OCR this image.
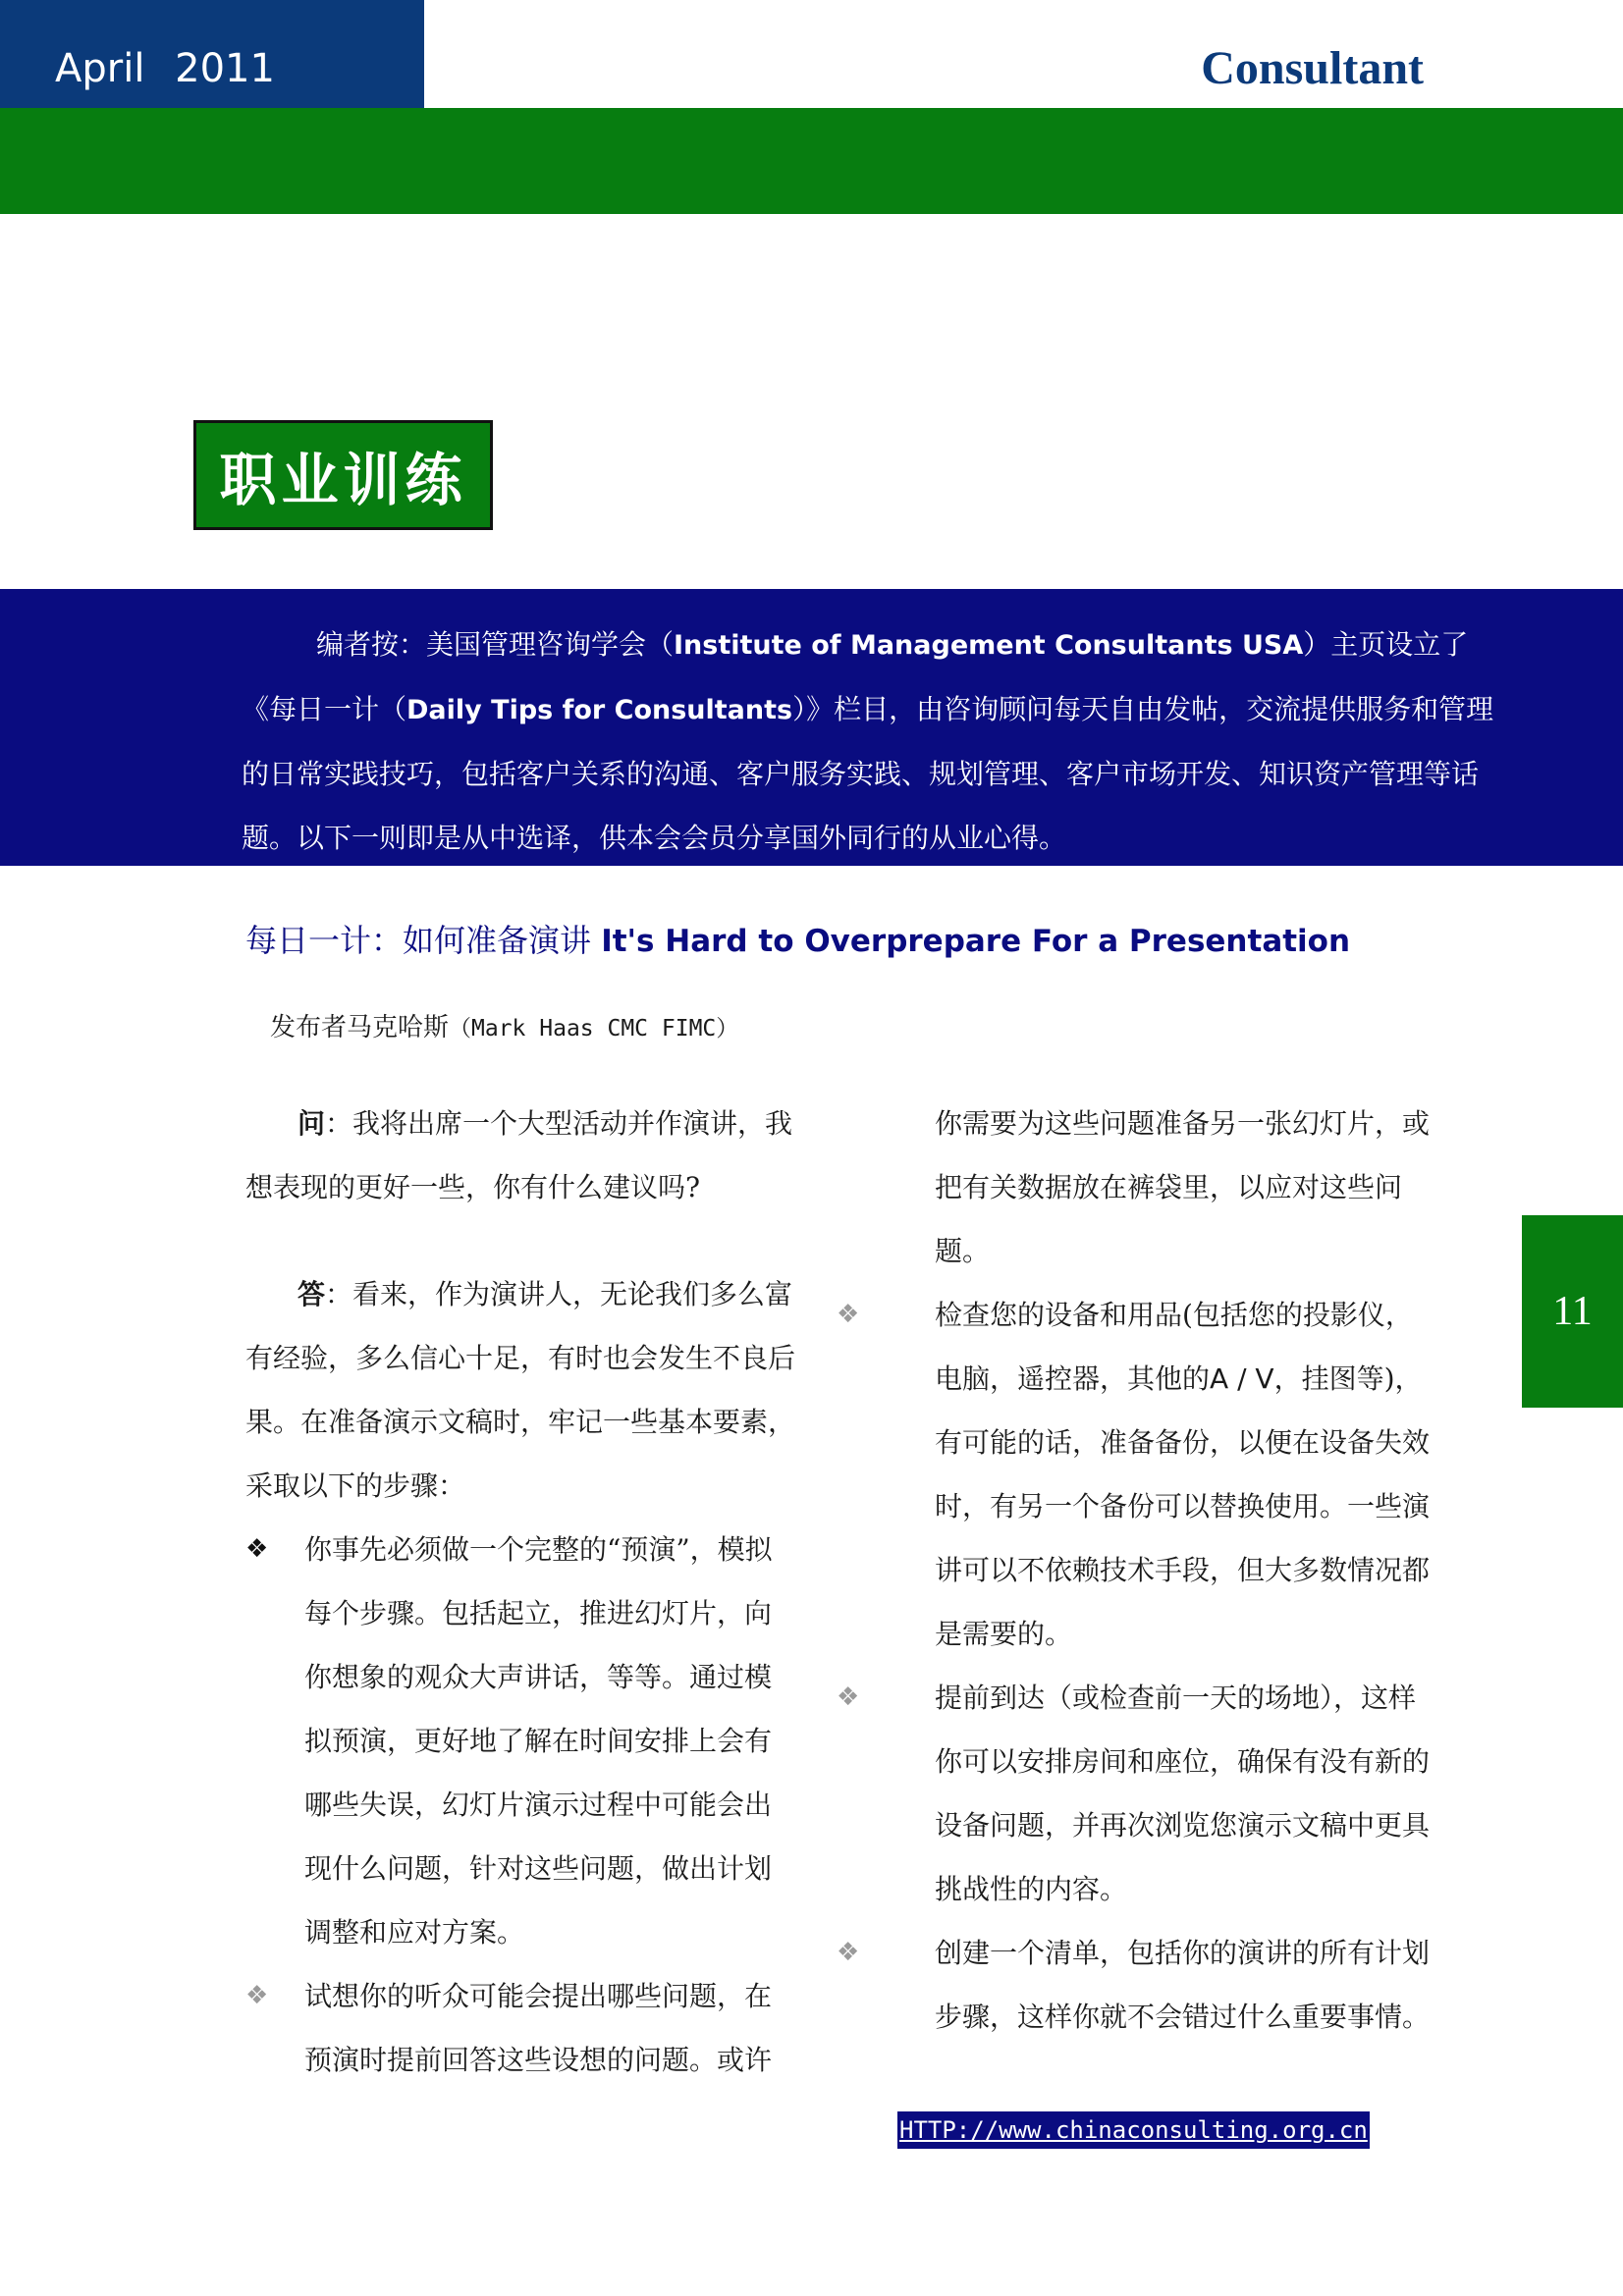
April 2011	Consultant
职业训练
编者按：美国管理咨询学会（Institute of Management Consultants USA）主页设立了《每日一计（Daily Tips for Consultants）》栏目，由咨询顾问每天自由发帖，交流提供服务和管理的日常实践技巧，包括客户关系的沟通、客户服务实践、规划管理、客户市场开发、知识资产管理等话题。以下一则即是从中选译，供本会会员分享国外同行的从业心得。
每日一计：如何准备演讲 It's Hard to Overprepare For a Presentation
发布者马克哈斯（Mark Haas CMC FIMC）

问：我将出席一个大型活动并作演讲，我想表现的更好一些，你有什么建议吗?

答：看来，作为演讲人，无论我们多么富有经验，多么信心十足，有时也会发生不良后果。在准备演示文稿时，牢记一些基本要素，采取以下的步骤：

❖ 你事先必须做一个完整的“预演”，模拟每个步骤。包括起立，推进幻灯片，向你想象的观众大声讲话，等等。通过模拟预演，更好地了解在时间安排上会有哪些失误，幻灯片演示过程中可能会出现什么问题，针对这些问题，做出计划调整和应对方案。
❖ 试想你的听众可能会提出哪些问题，在预演时提前回答这些设想的问题。或许

你需要为这些问题准备另一张幻灯片，或把有关数据放在裤袋里，以应对这些问题。

❖	检查您的设备和用品(包括您的投影仪，电脑，遥控器，其他的A / V，挂图等)，有可能的话，准备备份，以便在设备失效时，有另一个备份可以替换使用。一些演讲可以不依赖技术手段，但大多数情况都是需要的。
❖	提前到达（或检查前一天的场地），这样你可以安排房间和座位，确保有没有新的设备问题，并再次浏览您演示文稿中更具挑战性的内容。
❖	创建一个清单，包括你的演讲的所有计划步骤，这样你就不会错过什么重要事情。
11
HTTP://www.chinaconsulting.org.cn
